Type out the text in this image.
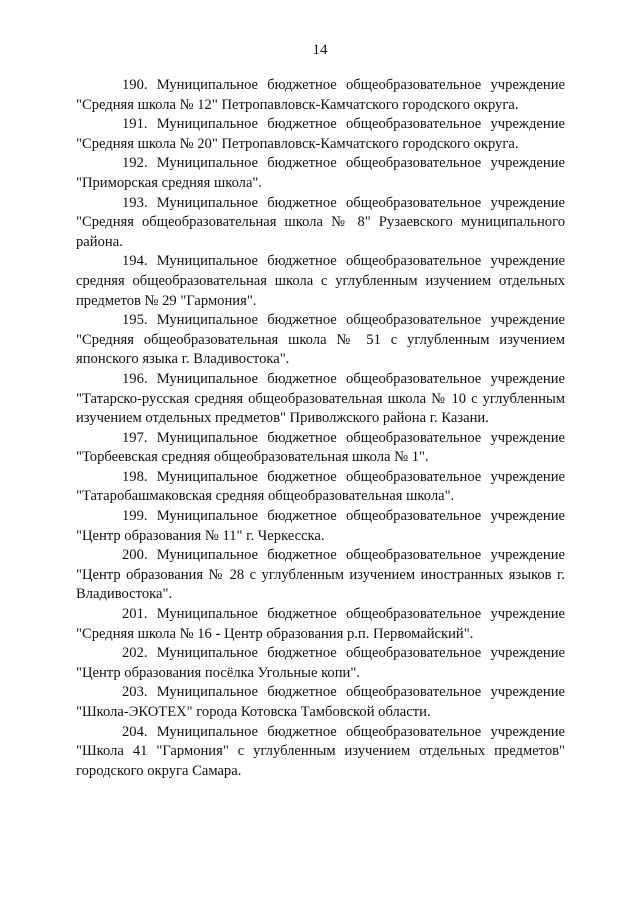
14

190. Муниципальное бюджетное общеобразовательное учреждение
"Средняя школа № 12" Петропавловск-Камчатского городского округа.

191. Муниципальное бюджетное общеобразовательное учреждение
"Средняя школа № 20" Петропавловск-Камчатского городского округа.

192. Муниципальное бюджетное общеобразовательное учреждение
"Приморская средняя школа".

193. Муниципальное бюджетное общеобразовательное учреждение
"Средняя общеобразовательная школа № 8" Рузаевского муниципального района.

194. Муниципальное бюджетное общеобразовательное учреждение
средняя общеобразовательная школа с углубленным изучением отдельных предметов № 29 "Гармония".

195. Муниципальное бюджетное общеобразовательное учреждение
"Средняя общеобразовательная школа № 51 с углубленным изучением японского языка г. Владивостока".

196. Муниципальное бюджетное общеобразовательное учреждение
"Татарско-русская средняя общеобразовательная школа № 10 с углубленным изучением отдельных предметов" Приволжского района г. Казани.

197. Муниципальное бюджетное общеобразовательное учреждение
"Торбеевская средняя общеобразовательная школа № 1".

198. Муниципальное бюджетное общеобразовательное учреждение
"Татаробашмаковская средняя общеобразовательная школа".

199. Муниципальное бюджетное общеобразовательное учреждение
"Центр образования № 11" г. Черкесска.

200. Муниципальное бюджетное общеобразовательное учреждение
"Центр образования № 28 с углубленным изучением иностранных языков г. Владивостока".

201. Муниципальное бюджетное общеобразовательное учреждение
"Средняя школа № 16 - Центр образования р.п. Первомайский".

202. Муниципальное бюджетное общеобразовательное учреждение
"Центр образования посёлка Угольные копи".

203. Муниципальное бюджетное общеобразовательное учреждение
"Школа-ЭКОТЕХ" города Котовска Тамбовской области.

204. Муниципальное бюджетное общеобразовательное учреждение
"Школа 41 "Гармония" с углубленным изучением отдельных предметов" городского округа Самара.
